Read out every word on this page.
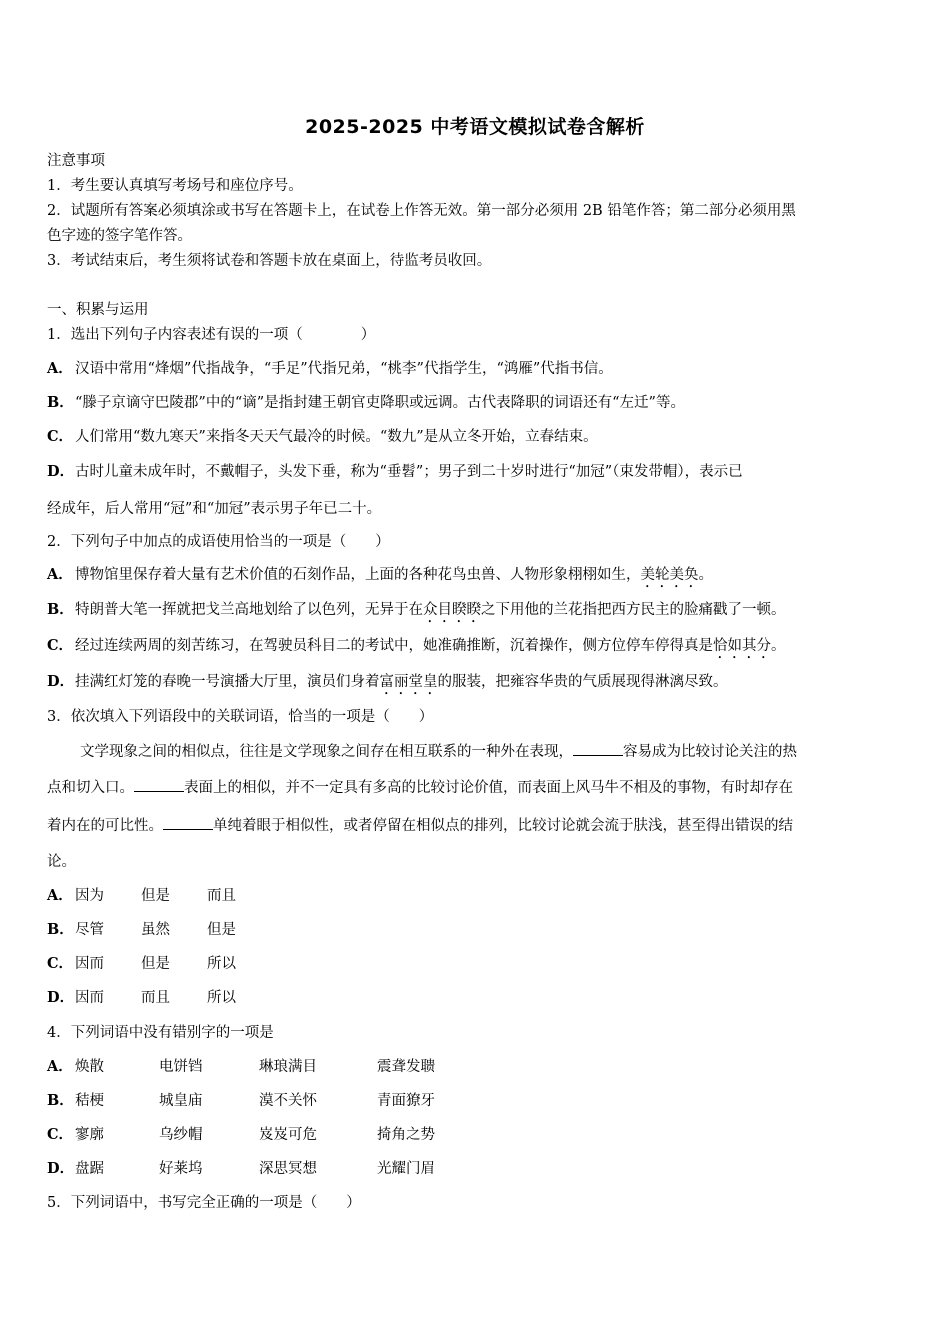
2025-2025 中考语文模拟试卷含解析
注意事项
1．考生要认真填写考场号和座位序号。
2．试题所有答案必须填涂或书写在答题卡上，在试卷上作答无效。第一部分必须用 2B 铅笔作答；第二部分必须用黑
色字迹的签字笔作答。
3．考试结束后，考生须将试卷和答题卡放在桌面上，待监考员收回。
一、积累与运用
1．选出下列句子内容表述有误的一项（　　　　）
A． 汉语中常用“烽烟”代指战争，“手足”代指兄弟，“桃李”代指学生，“鸿雁”代指书信。
B．“滕子京谪守巴陵郡”中的“谪”是指封建王朝官吏降职或远调。古代表降职的词语还有“左迁”等。
C． 人们常用“数九寒天”来指冬天天气最冷的时候。“数九”是从立冬开始，立春结束。
D．古时儿童未成年时，不戴帽子，头发下垂，称为“垂髫”；男子到二十岁时进行“加冠”（束发带帽），表示已
经成年，后人常用“冠”和“加冠”表示男子年已二十。
2．下列句子中加点的成语使用恰当的一项是（　　）
A． 博物馆里保存着大量有艺术价值的石刻作品，上面的各种花鸟虫兽、人物形象栩栩如生，美轮美奂。
B．特朗普大笔一挥就把戈兰高地划给了以色列，无异于在众目睽睽之下用他的兰花指把西方民主的脸痛戳了一顿。
C． 经过连续两周的刻苦练习，在驾驶员科目二的考试中，她准确推断，沉着操作，侧方位停车停得真是恰如其分。
D．挂满红灯笼的春晚一号演播大厅里，演员们身着富丽堂皇的服装，把雍容华贵的气质展现得淋漓尽致。
3．依次填入下列语段中的关联词语，恰当的一项是（　　）
文学现象之间的相似点，往往是文学现象之间存在相互联系的一种外在表现，	容易成为比较讨论关注的热
点和切入口。	表面上的相似，并不一定具有多高的比较讨论价值，而表面上风马牛不相及的事物，有时却存在
着内在的可比性。	单纯着眼于相似性，或者停留在相似点的排列，比较讨论就会流于肤浅，甚至得出错误的结
论。
A． 因为	但是	而且
B．尽管	虽然	但是
C． 因而	但是	所以
D．因而	而且	所以
4．下列词语中没有错别字的一项是
A． 焕散	电饼铛	琳琅满目	震聋发聩
B．秸梗	城皇庙	漠不关怀	青面獠牙
C． 寥廓	乌纱帽	岌岌可危	掎角之势
D．盘踞	好莱坞	深思冥想	光耀门眉
5．下列词语中，书写完全正确的一项是（　　）
